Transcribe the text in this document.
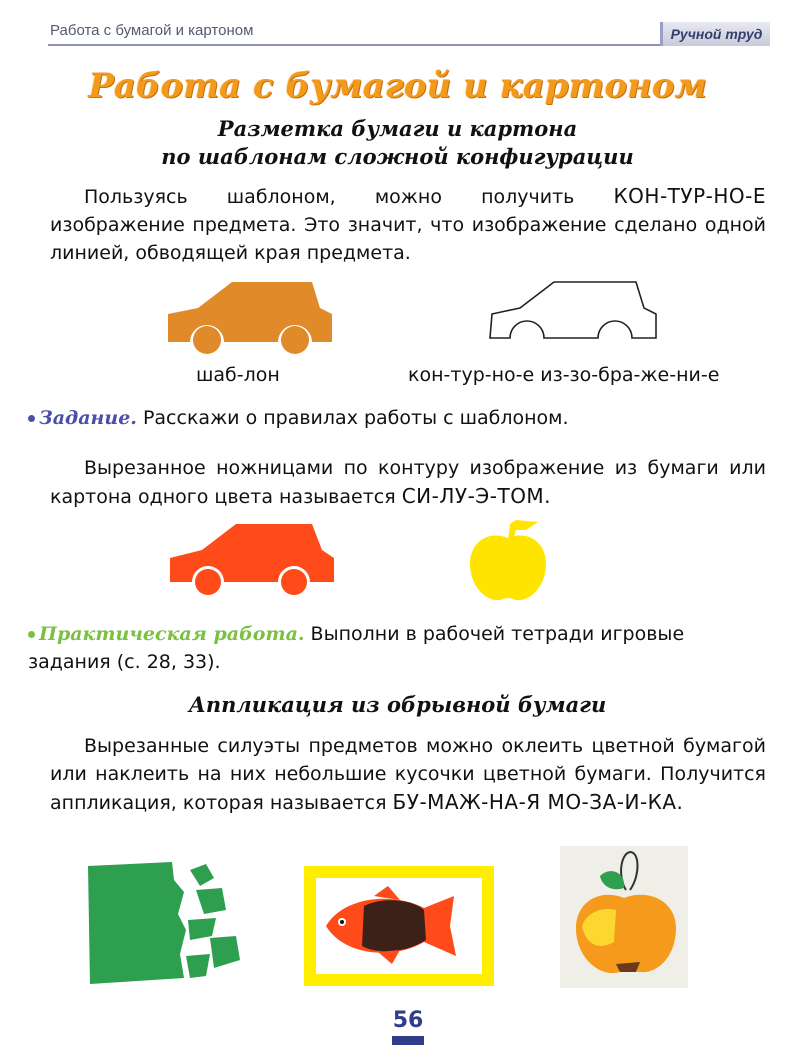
Работа с бумагой и картоном	Ручной труд
Работа с бумагой и картоном
Разметка бумаги и картона
по шаблонам сложной конфигурации

Пользуясь шаблоном, можно получить КОН-ТУР-НО-Е изображение предмета. Это значит, что изображение сделано одной линией, обводящей края предмета.

шаб-лон	кон-тур-но-е из-зо-бра-же-ни-е

Задание. Расскажи о правилах работы с шаблоном.

Вырезанное ножницами по контуру изображение из бумаги или картона одного цвета называется СИ-ЛУ-Э-ТОМ.

Практическая работа. Выполни в рабочей тетради игровые задания (с. 28, 33).

Аппликация из обрывной бумаги

Вырезанные силуэты предметов можно оклеить цветной бумагой или наклеить на них небольшие кусочки цветной бумаги. Получится аппликация, которая называется БУ-МАЖ-НА-Я МО-ЗА-И-КА.

56
